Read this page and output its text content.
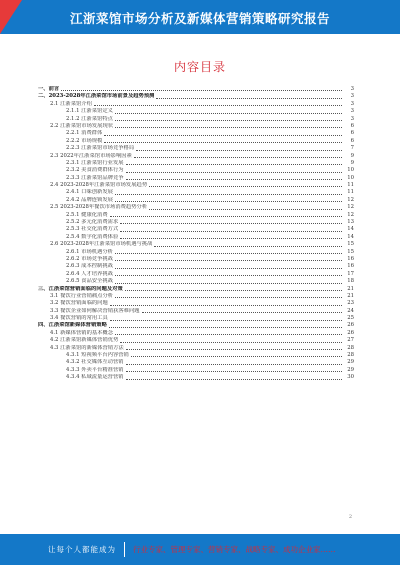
江浙菜馆市场分析及新媒体营销策略研究报告
内容目录
一、前言	3
二、2023-2028年江浙菜馆市场前景及趋势预测	3
2.1 江浙菜馆介绍	3
2.1.1 江浙菜馆定义	3
2.1.2 江浙菜馆特点	3
2.2 江浙菜馆市场发展现状	6
2.2.1 消费群体	6
2.2.2 市场规模	6
2.2.3 江浙菜馆市场竞争格局	7
2.3 2022年江浙菜馆市场影响因素	9
2.3.1 江浙菜馆行业发展	9
2.3.2 美食消费群体行为	10
2.3.3 江浙菜馆品牌竞争	10
2.4 2023-2028年江浙菜馆市场发展趋势	11
2.4.1 口味创新发展	11
2.4.2 品牌连锁发展	12
2.5 2023-2028年餐饮市场消费趋势分析	12
2.5.1 健康化消费	12
2.5.2 多元化消费需求	13
2.5.3 社交化消费方式	14
2.5.4 数字化消费体验	14
2.6 2023-2028年江浙菜馆市场机遇与挑战	15
2.6.1 市场机遇分析	15
2.6.2 市场竞争挑战	16
2.6.3 成本控制挑战	16
2.6.4 人才培养挑战	17
2.6.5 食品安全挑战	18
三、江浙菜馆营销面临的问题及对策	21
3.1 餐饮行业营销痛点分析	21
3.2 餐饮营销面临的问题	23
3.3 餐饮企业如何解决营销获客难问题	24
3.4 餐饮营销的常用工具	25
四、江浙菜馆新媒体营销策略	26
4.1 新媒体营销的基本概念	26
4.2 江浙菜馆新媒体营销优势	27
4.3 江浙菜馆的新媒体营销方法	28
4.3.1 短视频平台内容营销	28
4.3.2 社交媒体互动营销	29
4.3.3 外卖平台精准营销	29
4.3.4 私域流量运营营销	30
2
让每个人都能成为 行业专家、管理专家、营销专家、战略专家、成功企业家……
